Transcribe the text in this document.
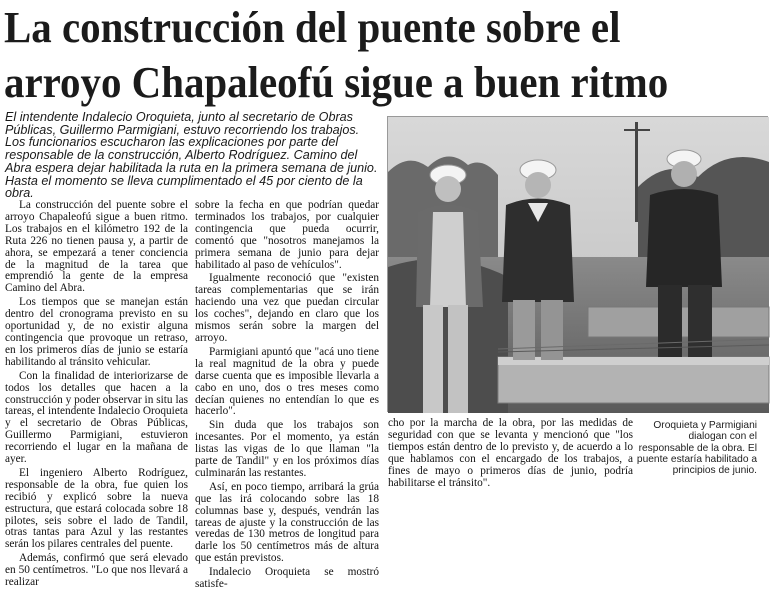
La construcción del puente sobre el
arroyo Chapaleofú sigue a buen ritmo

El intendente Indalecio Oroquieta, junto al secretario de Obras Públicas, Guillermo Parmigiani, estuvo recorriendo los trabajos. Los funcionarios escucharon las explicaciones por parte del responsable de la construcción, Alberto Rodríguez. Camino del Abra espera dejar habilitada la ruta en la primera semana de junio. Hasta el momento se lleva cumplimentado el 45 por ciento de la obra.

La construcción del puente sobre el arroyo Chapaleofú sigue a buen ritmo. Los trabajos en el kilómetro 192 de la Ruta 226 no tienen pausa y, a partir de ahora, se empezará a tener conciencia de la magnitud de la tarea que emprendió la gente de la empresa Camino del Abra.

Los tiempos que se manejan están dentro del cronograma previsto en su oportunidad y, de no existir alguna contingencia que provoque un retraso, en los primeros días de junio se estaría habilitando al tránsito vehicular.

Con la finalidad de interiorizarse de todos los detalles que hacen a la construcción y poder observar in situ las tareas, el intendente Indalecio Oroquieta y el secretario de Obras Públicas, Guillermo Parmigiani, estuvieron recorriendo el lugar en la mañana de ayer.

El ingeniero Alberto Rodríguez, responsable de la obra, fue quien los recibió y explicó sobre la nueva estructura, que estará colocada sobre 18 pilotes, seis sobre el lado de Tandil, otras tantas para Azul y las restantes serán los pilares centrales del puente.

Además, confirmó que será elevado en 50 centímetros. "Lo que nos llevará a realizar

sobre la fecha en que podrían quedar terminados los trabajos, por cualquier contingencia que pueda ocurrir, comentó que "nosotros manejamos la primera semana de junio para dejar habilitado al paso de vehículos".

Igualmente reconoció que "existen tareas complementarias que se irán haciendo una vez que puedan circular los coches", dejando en claro que los mismos serán sobre la margen del arroyo.

Parmigiani apuntó que "acá uno tiene la real magnitud de la obra y puede darse cuenta que es imposible llevarla a cabo en uno, dos o tres meses como decían quienes no entendían lo que es hacerlo".

Sin duda que los trabajos son incesantes. Por el momento, ya están listas las vigas de lo que llaman "la parte de Tandil" y en los próximos días culminarán las restantes.

Así, en poco tiempo, arribará la grúa que las irá colocando sobre las 18 columnas base y, después, vendrán las tareas de ajuste y la construcción de las veredas de 130 metros de longitud para darle los 50 centímetros más de altura que están previstos.

Indalecio Oroquieta se mostró satisfe-

cho por la marcha de la obra, por las medidas de seguridad con que se levanta y mencionó que "los tiempos están dentro de lo previsto y, de acuerdo a lo que hablamos con el encargado de los trabajos, a fines de mayo o primeros días de junio, podría habilitarse el tránsito".

Oroquieta y Parmigiani dialogan con el responsable de la obra. El puente estaría habilitado a principios de junio.
